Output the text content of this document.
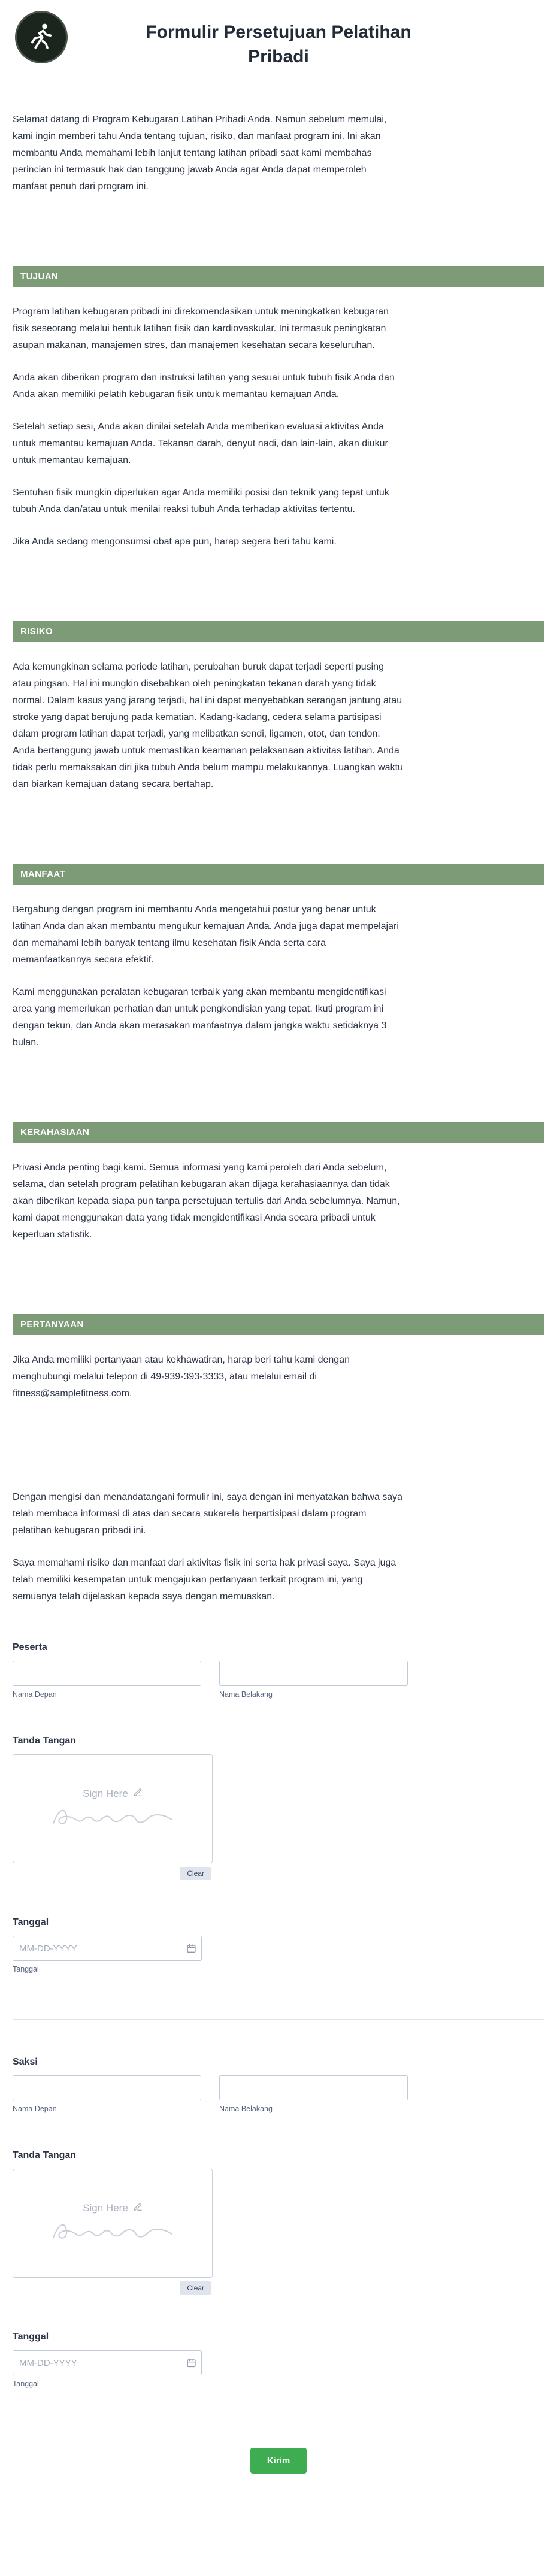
Formulir Persetujuan Pelatihan Pribadi

Selamat datang di Program Kebugaran Latihan Pribadi Anda. Namun sebelum memulai, kami ingin memberi tahu Anda tentang tujuan, risiko, dan manfaat program ini. Ini akan membantu Anda memahami lebih lanjut tentang latihan pribadi saat kami membahas perincian ini termasuk hak dan tanggung jawab Anda agar Anda dapat memperoleh manfaat penuh dari program ini.

TUJUAN

Program latihan kebugaran pribadi ini direkomendasikan untuk meningkatkan kebugaran fisik seseorang melalui bentuk latihan fisik dan kardiovaskular. Ini termasuk peningkatan asupan makanan, manajemen stres, dan manajemen kesehatan secara keseluruhan.

Anda akan diberikan program dan instruksi latihan yang sesuai untuk tubuh fisik Anda dan Anda akan memiliki pelatih kebugaran fisik untuk memantau kemajuan Anda.

Setelah setiap sesi, Anda akan dinilai setelah Anda memberikan evaluasi aktivitas Anda untuk memantau kemajuan Anda. Tekanan darah, denyut nadi, dan lain-lain, akan diukur untuk memantau kemajuan.

Sentuhan fisik mungkin diperlukan agar Anda memiliki posisi dan teknik yang tepat untuk tubuh Anda dan/atau untuk menilai reaksi tubuh Anda terhadap aktivitas tertentu.

Jika Anda sedang mengonsumsi obat apa pun, harap segera beri tahu kami.

RISIKO

Ada kemungkinan selama periode latihan, perubahan buruk dapat terjadi seperti pusing atau pingsan. Hal ini mungkin disebabkan oleh peningkatan tekanan darah yang tidak normal. Dalam kasus yang jarang terjadi, hal ini dapat menyebabkan serangan jantung atau stroke yang dapat berujung pada kematian. Kadang-kadang, cedera selama partisipasi dalam program latihan dapat terjadi, yang melibatkan sendi, ligamen, otot, dan tendon. Anda bertanggung jawab untuk memastikan keamanan pelaksanaan aktivitas latihan. Anda tidak perlu memaksakan diri jika tubuh Anda belum mampu melakukannya. Luangkan waktu dan biarkan kemajuan datang secara bertahap.

MANFAAT

Bergabung dengan program ini membantu Anda mengetahui postur yang benar untuk latihan Anda dan akan membantu mengukur kemajuan Anda. Anda juga dapat mempelajari dan memahami lebih banyak tentang ilmu kesehatan fisik Anda serta cara memanfaatkannya secara efektif.

Kami menggunakan peralatan kebugaran terbaik yang akan membantu mengidentifikasi area yang memerlukan perhatian dan untuk pengkondisian yang tepat. Ikuti program ini dengan tekun, dan Anda akan merasakan manfaatnya dalam jangka waktu setidaknya 3 bulan.

KERAHASIAAN

Privasi Anda penting bagi kami. Semua informasi yang kami peroleh dari Anda sebelum, selama, dan setelah program pelatihan kebugaran akan dijaga kerahasiaannya dan tidak akan diberikan kepada siapa pun tanpa persetujuan tertulis dari Anda sebelumnya. Namun, kami dapat menggunakan data yang tidak mengidentifikasi Anda secara pribadi untuk keperluan statistik.

PERTANYAAN

Jika Anda memiliki pertanyaan atau kekhawatiran, harap beri tahu kami dengan menghubungi melalui telepon di 49-939-393-3333, atau melalui email di fitness@samplefitness.com.

Dengan mengisi dan menandatangani formulir ini, saya dengan ini menyatakan bahwa saya telah membaca informasi di atas dan secara sukarela berpartisipasi dalam program pelatihan kebugaran pribadi ini.

Saya memahami risiko dan manfaat dari aktivitas fisik ini serta hak privasi saya. Saya juga telah memiliki kesempatan untuk mengajukan pertanyaan terkait program ini, yang semuanya telah dijelaskan kepada saya dengan memuaskan.

Peserta
Nama Depan	Nama Belakang
Tanda Tangan
Sign Here
Clear
Tanggal
MM-DD-YYYY
Tanggal
Saksi
Nama Depan	Nama Belakang
Tanda Tangan
Sign Here
Clear
Tanggal
MM-DD-YYYY
Tanggal
Kirim
